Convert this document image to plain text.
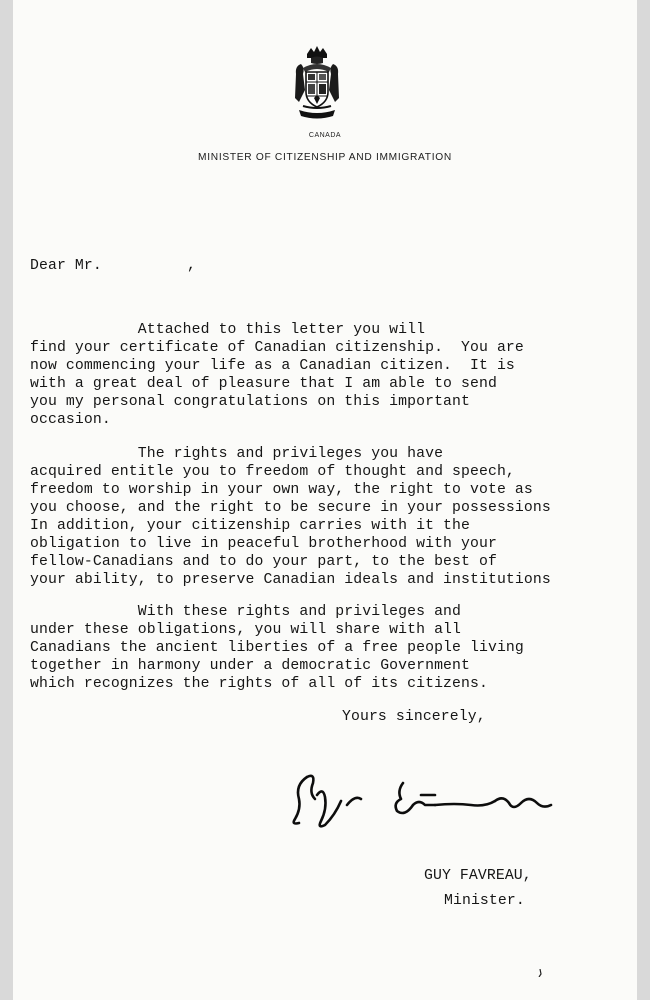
CANADA
MINISTER OF CITIZENSHIP AND IMMIGRATION
Dear Mr.	,
Attached to this letter you will
find your certificate of Canadian citizenship.  You are
now commencing your life as a Canadian citizen.  It is
with a great deal of pleasure that I am able to send
you my personal congratulations on this important
occasion.
The rights and privileges you have
acquired entitle you to freedom of thought and speech,
freedom to worship in your own way, the right to vote as
you choose, and the right to be secure in your possessions
In addition, your citizenship carries with it the
obligation to live in peaceful brotherhood with your
fellow-Canadians and to do your part, to the best of
your ability, to preserve Canadian ideals and institutions
With these rights and privileges and
under these obligations, you will share with all
Canadians the ancient liberties of a free people living
together in harmony under a democratic Government
which recognizes the rights of all of its citizens.
Yours sincerely,
GUY FAVREAU,
Minister.
